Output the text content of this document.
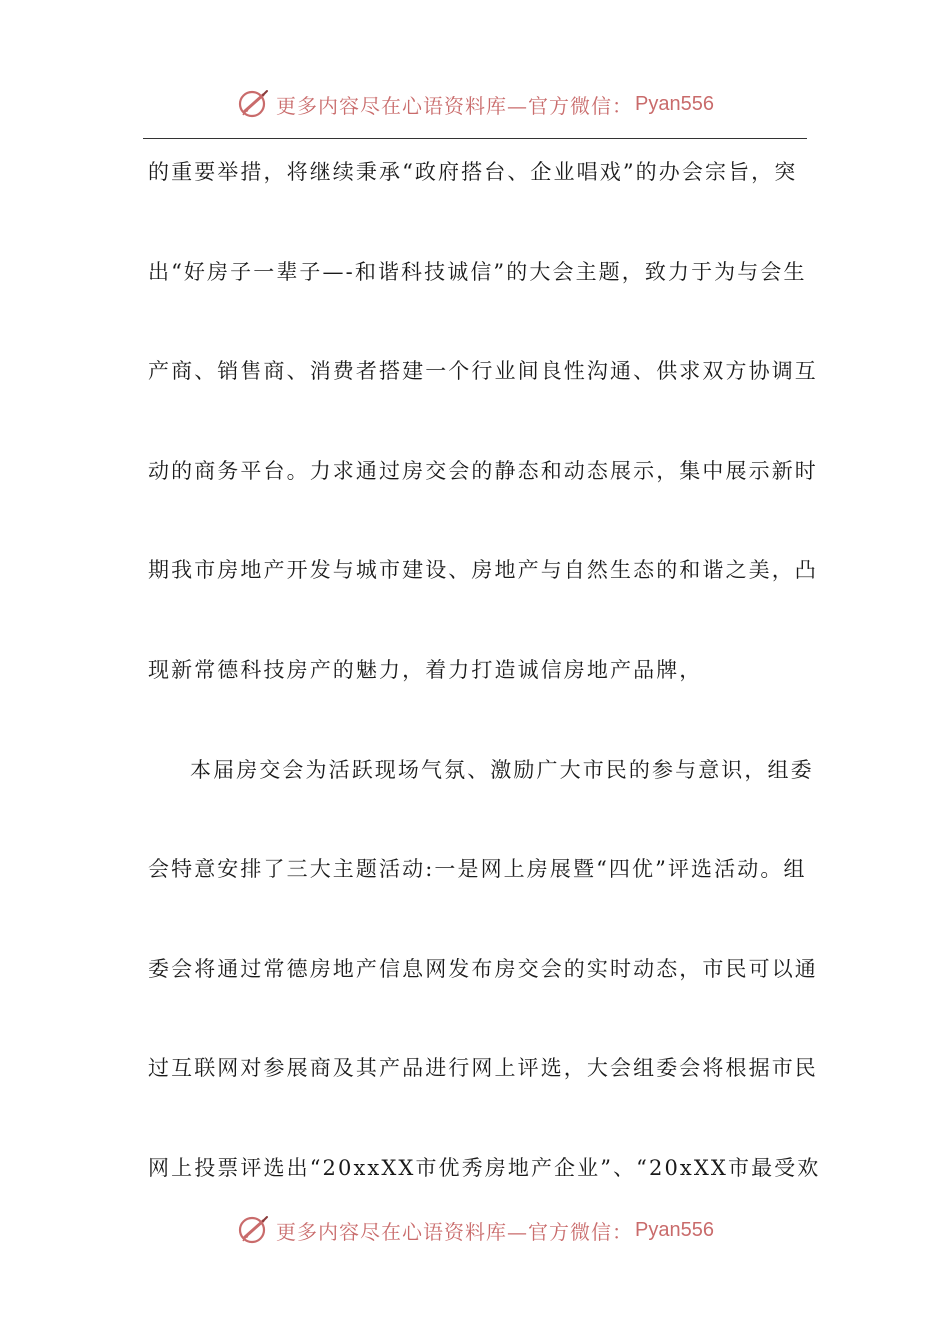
更多内容尽在心语资料库—官方微信： Pyan556
的重要举措，将继续秉承“政府搭台、企业唱戏”的办会宗旨，突
出“好房子一辈子—-和谐科技诚信”的大会主题，致力于为与会生
产商、销售商、消费者搭建一个行业间良性沟通、供求双方协调互
动的商务平台。力求通过房交会的静态和动态展示，集中展示新时
期我市房地产开发与城市建设、房地产与自然生态的和谐之美，凸
现新常德科技房产的魅力，着力打造诚信房地产品牌，
本届房交会为活跃现场气氛、激励广大市民的参与意识，组委
会特意安排了三大主题活动:一是网上房展暨“四优”评选活动。组
委会将通过常德房地产信息网发布房交会的实时动态，市民可以通
过互联网对参展商及其产品进行网上评选，大会组委会将根据市民
网上投票评选出“20xxXX市优秀房地产企业”、“20xXX市最受欢
更多内容尽在心语资料库—官方微信： Pyan556
